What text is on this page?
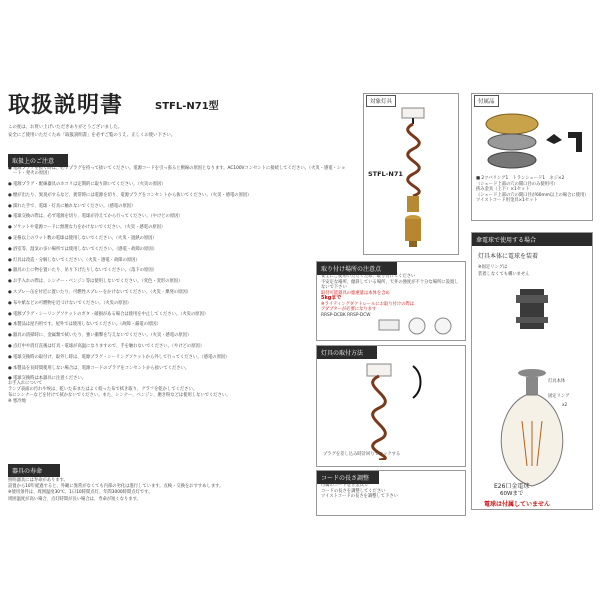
取扱説明書	STFL-N71型
この度は、お買い上げいただきありがとうございました。
安全にご使用いただくため「取扱説明書」を必ずご覧のうえ、正しくお使い下さい。
取扱上のご注意
● 電源プラグを抜く時は、必ずプラグを持って抜いてください。電源コードを引っ張ると断線の原因となります。AC100Vコンセントに接続してください。（火災・感電・ショート・発火の原因）
● 電源プラグ・配線器具のホコリは定期的に取り除いてください。（火災の原因）
● 煙が出たり、異臭がするなど、異常時には電源を切り、電源プラグをコンセントから抜いてください。（火災・感電の原因）
● 濡れた手で、電球・灯具に触れないでください。（感電の原因）
● 電球交換の際は、必ず電源を切り、電球が冷えてから行ってください。（やけどの原因）
● ソケットや電源コードに無理な力をかけないでください。（火災・感電の原因）
● 定格以上のワット数の電球は使用しないでください。（火災・過熱の原因）
● 浴室等、湿気の多い場所では使用しないでください。（感電・故障の原因）
● 灯具は改造・分解しないでください。（火災・感電・故障の原因）
● 器具の上に物を置いたり、吊り下げたりしないでください。（落下の原因）
● お手入れの際は、シンナー・ベンジン等は使用しないでください。（変色・変形の原因）
● スプレー缶を付近に置いたり、可燃性スプレーをかけないでください。（火災・爆発の原因）
● 布や紙などの可燃物を近づけないでください。（火災の原因）
● 電源プラグ・シーリングソケットのガタ・破損がある場合は使用を中止してください。（火災の原因）
● 本製品は屋内用です。屋外では使用しないでください。（故障・漏電の原因）
● 器具の清掃時に、金属類で拭いたり、強い衝撃を与えないでください。（火災・感電の原因）
● 点灯中や消灯直後は灯具・電球が高温になりますので、手を触れないでください。（やけどの原因）
● 電球交換時の取付け、取外し時は、電源プラグ・シーリングソケットから外して行ってください。（感電の原因）
● 本製品を長時間使用しない場合は、電源コードのプラグをコンセントから抜いてください。
● 電球交換時は本器具に注意ください。
お手入れについて
ランプ表面の汚れや埃は、乾いた布またはよく絞った布で拭き取り、グラフを乾かしてください。
布にシンナーなどを付けて拭かないでください。また、シンナー、ベンジン、磨き粉などは使用しないでください。
※ 寒冷地
器具の寿命
照明器具には寿命があります。
設置から10年経過すると、外観に異常がなくても内部の劣化は進行しています。点検・交換をおすすめします。
※使用条件は、周囲温度30℃、1日10時間点灯、年間3000時間点灯です。
周囲温度が高い場合、点灯時間が長い場合は、寿命が短くなります。
対象灯具
STFL-N71
付属品
■ 2ツバリング1　トランシェード1　ネジ×2
（シェード上部の穴の開口径のみ使用可）
挟み金具（上下）×1セット
（シェード上部の穴の開口径が60mm以上の場合に使用）
ツイストコード用金具×1セット
傘電球で使用する場合
灯具本体に電球を装着
※固定リングは
装着しなくても構いません
灯具本体
固定リング
x2
E26口金電球
60Wまで
電球は付属していません
取り付け場所の注意点
安全にご使用いただくため、取り付けてください
不安定な場所、傾斜している場所、天井の強度が不十分な場所に設置しないで下さい
取付可能器具の総重量は本体を含め
5kgまで
※ライティングダクトレールにお取り付けの際は
アダプターが必要になります
RRSP-DCBK RRSP-DCW
灯具の取付方法
プラグを差し込み時計回りでロックする
コードの長さ調整
付属のコード巻き金具で
コードの長さを調整してください
ツイストコードの長さを調整して下さい
